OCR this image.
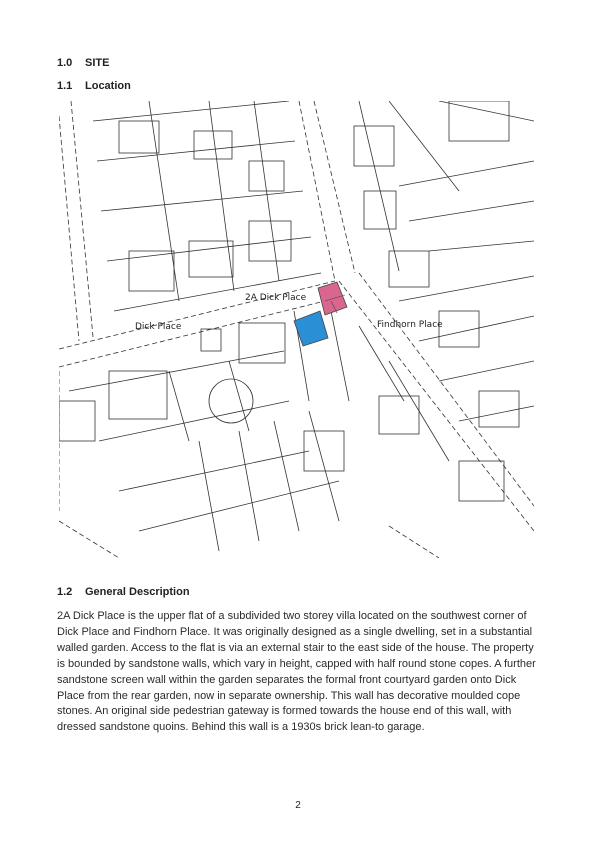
1.0 SITE
1.1 Location
2A Dick Place
Dick Place	Findhorn Place
1.2 General Description

2A Dick Place is the upper flat of a subdivided two storey villa located on the southwest corner of Dick Place and Findhorn Place. It was originally designed as a single dwelling, set in a substantial walled garden. Access to the flat is via an external stair to the east side of the house. The property is bounded by sandstone walls, which vary in height, capped with half round stone copes. A further sandstone screen wall within the garden separates the formal front courtyard garden onto Dick Place from the rear garden, now in separate ownership. This wall has decorative moulded cope stones. An original side pedestrian gateway is formed towards the house end of this wall, with dressed sandstone quoins. Behind this wall is a 1930s brick lean-to garage.

2
